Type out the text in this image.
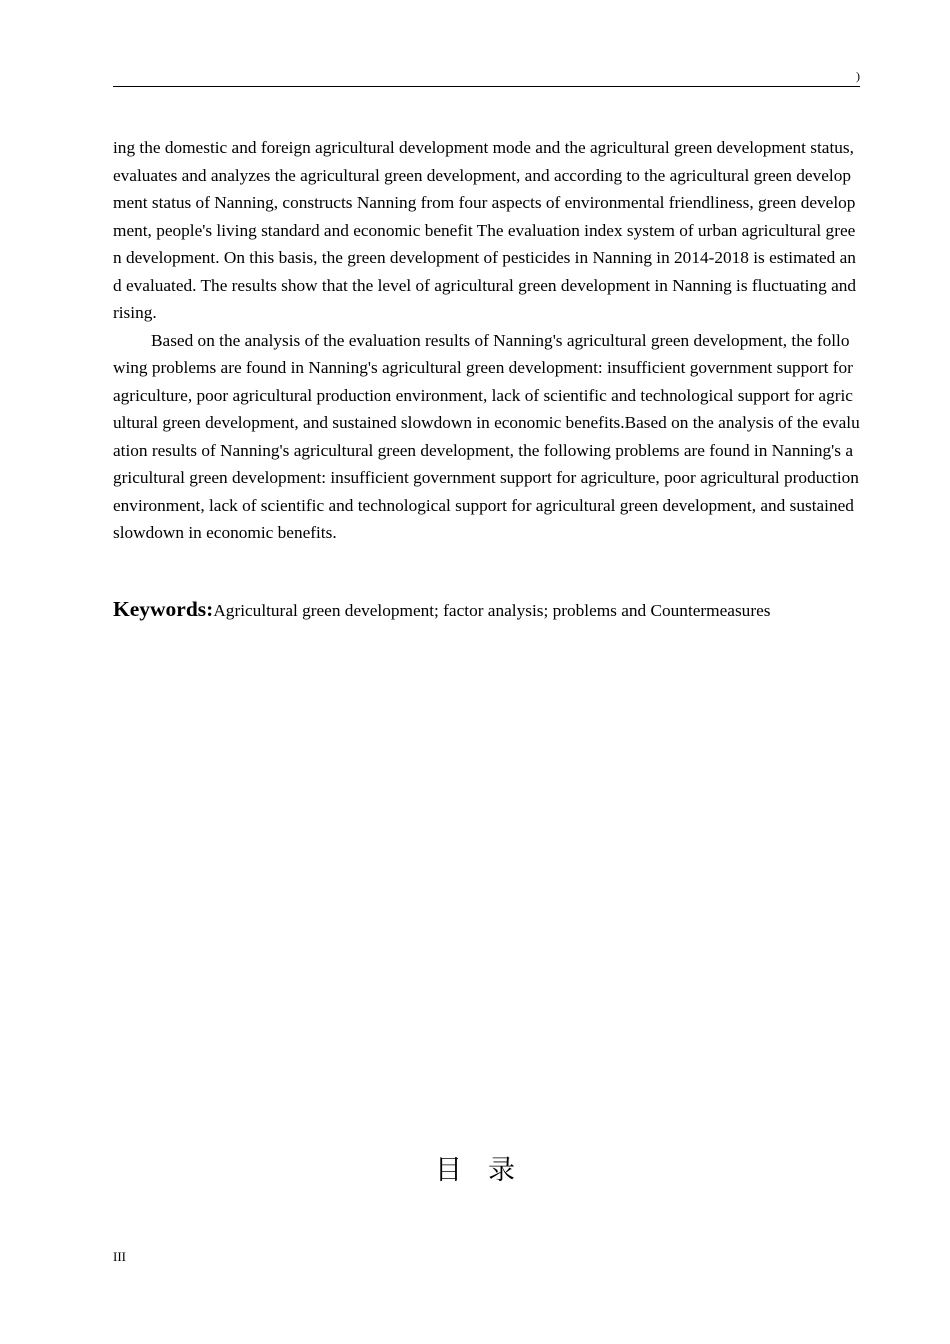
)

ing the domestic and foreign agricultural development mode and the agricultural green development status, evaluates and analyzes the agricultural green development, and according to the agricultural green development status of Nanning, constructs Nanning from four aspects of environmental friendliness, green development, people's living standard and economic benefit The evaluation index system of urban agricultural green development. On this basis, the green development of pesticides in Nanning in 2014-2018 is estimated and evaluated. The results show that the level of agricultural green development in Nanning is fluctuating and rising.

Based on the analysis of the evaluation results of Nanning's agricultural green development, the following problems are found in Nanning's agricultural green development: insufficient government support for agriculture, poor agricultural production environment, lack of scientific and technological support for agricultural green development, and sustained slowdown in economic benefits.Based on the analysis of the evaluation results of Nanning's agricultural green development, the following problems are found in Nanning's agricultural green development: insufficient government support for agriculture, poor agricultural production environment, lack of scientific and technological support for agricultural green development, and sustained slowdown in economic benefits.

Keywords:Agricultural green development; factor analysis; problems and Countermeasures
目录
III
